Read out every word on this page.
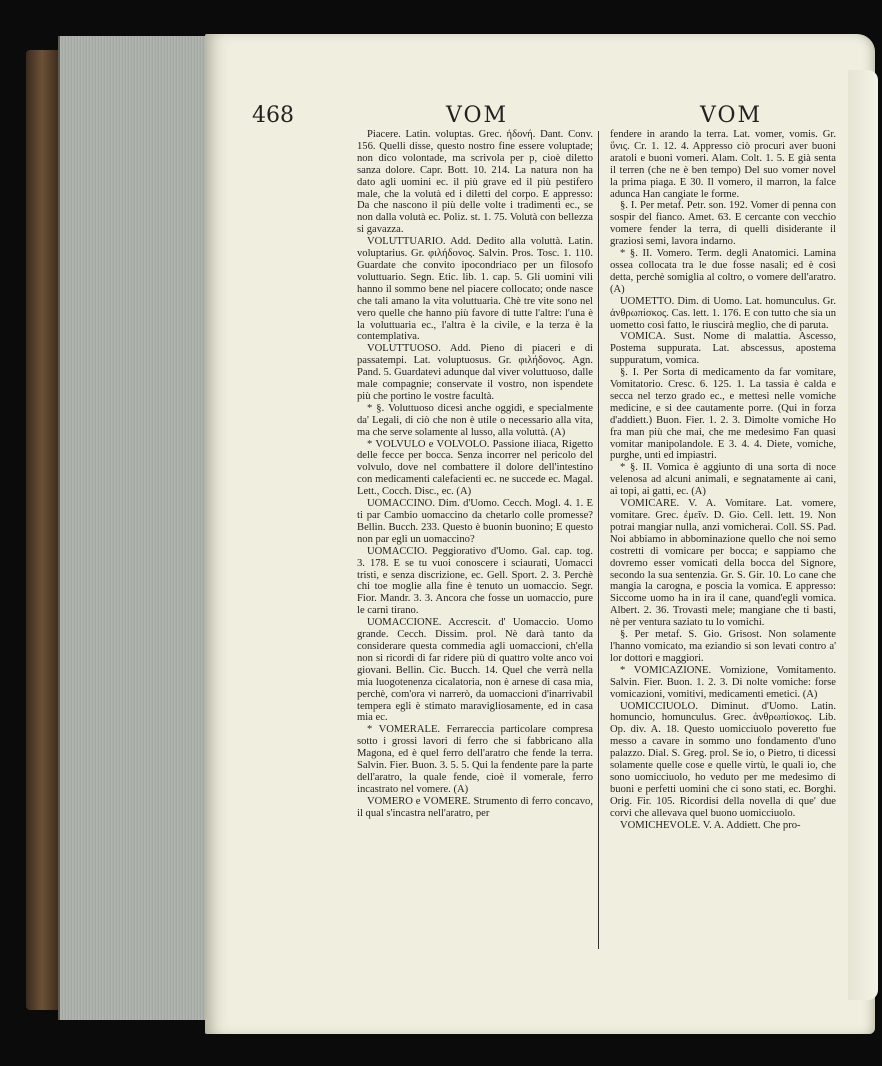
468	VOM	VOM

Piacere. Latin. voluptas. Grec. ἡδονή. Dant. Conv. 156. Quelli disse, questo nostro fine essere voluptade; non dico volontade, ma scrivola per p, cioè diletto sanza dolore. Capr. Bott. 10. 214. La natura non ha dato agli uomini ec. il più grave ed il più pestifero male, che la volutà ed i diletti del corpo. E appresso: Da che nascono il più delle volte i tradimenti ec., se non dalla volutà ec. Poliz. st. 1. 75. Volutà con bellezza si gavazza.

VOLUTTUARIO. Add. Dedito alla voluttà. Latin. voluptarius. Gr. φιλήδονος. Salvin. Pros. Tosc. 1. 110. Guardate che convito ipocondriaco per un filosofo voluttuario. Segn. Etic. lib. 1. cap. 5. Gli uomini vili hanno il sommo bene nel piacere collocato; onde nasce che tali amano la vita voluttuaria. Chè tre vite sono nel vero quelle che hanno più favore di tutte l'altre: l'una è la voluttuaria ec., l'altra è la civile, e la terza è la contemplativa.

VOLUTTUOSO. Add. Pieno di piaceri e di passatempi. Lat. voluptuosus. Gr. φιλήδονος. Agn. Pand. 5. Guardatevi adunque dal viver voluttuoso, dalle male compagnie; conservate il vostro, non ispendete più che portino le vostre facultà.

* §. Voluttuoso dicesi anche oggidì, e specialmente da' Legali, di ciò che non è utile o necessario alla vita, ma che serve solamente al lusso, alla voluttà. (A)

* VOLVULO e VOLVOLO. Passione iliaca, Rigetto delle fecce per bocca. Senza incorrer nel pericolo del volvulo, dove nel combattere il dolore dell'intestino con medicamenti calefacienti ec. ne succede ec. Magal. Lett., Cocch. Disc., ec. (A)

UOMACCINO. Dim. d'Uomo. Cecch. Mogl. 4. 1. E ti par Cambio uomaccino da chetarlo colle promesse? Bellin. Bucch. 233. Questo è buonin buonino; E questo non par egli un uomaccino?

UOMACCIO. Peggiorativo d'Uomo. Gal. cap. tog. 3. 178. E se tu vuoi conoscere i sciaurati, Uomacci tristi, e senza discrizione, ec. Gell. Sport. 2. 3. Perchè chi toe moglie alla fine è tenuto un uomaccio. Segr. Fior. Mandr. 3. 3. Ancora che fosse un uomaccio, pure le carni tirano.

UOMACCIONE. Accrescit. d' Uomaccio. Uomo grande. Cecch. Dissim. prol. Nè darà tanto da considerare questa commedia agli uomaccioni, ch'ella non si ricordi di far ridere più di quattro volte anco voi giovani. Bellin. Cic. Bucch. 14. Quel che verrà nella mia luogotenenza cicalatoria, non è arnese di casa mia, perchè, com'ora vi narrerò, da uomaccioni d'inarrivabil tempera egli è stimato maravigliosamente, ed in casa mia ec.

* VOMERALE. Ferrareccia particolare compresa sotto i grossi lavori di ferro che si fabbricano alla Magona, ed è quel ferro dell'aratro che fende la terra. Salvin. Fier. Buon. 3. 5. 5. Qui la fendente pare la parte dell'aratro, la quale fende, cioè il vomerale, ferro incastrato nel vomere. (A)

VOMERO e VOMERE. Strumento di ferro concavo, il qual s'incastra nell'aratro, per

fendere in arando la terra. Lat. vomer, vomis. Gr. ὕνις. Cr. 1. 12. 4. Appresso ciò procuri aver buoni aratoli e buoni vomeri. Alam. Colt. 1. 5. E già senta il terren (che ne è ben tempo) Del suo vomer novel la prima piaga. E 30. Il vomero, il marron, la falce adunca Han cangiate le forme.

§. I. Per metaf. Petr. son. 192. Vomer di penna con sospir del fianco. Amet. 63. E cercante con vecchio vomere fender la terra, di quelli disiderante il graziosi semi, lavora indarno.

* §. II. Vomero. Term. degli Anatomici. Lamina ossea collocata tra le due fosse nasali; ed è così detta, perchè somiglia al coltro, o vomere dell'aratro. (A)

UOMETTO. Dim. di Uomo. Lat. homunculus. Gr. ἀνθρωπίσκος. Cas. lett. 1. 176. E con tutto che sia un uometto così fatto, le riuscirà meglio, che di paruta.

VOMICA. Sust. Nome di malattia. Ascesso, Postema suppurata. Lat. abscessus, apostema suppuratum, vomica.

§. I. Per Sorta di medicamento da far vomitare, Vomitatorio. Cresc. 6. 125. 1. La tassia è calda e secca nel terzo grado ec., e mettesi nelle vomiche medicine, e si dee cautamente porre. (Qui in forza d'addiett.) Buon. Fier. 1. 2. 3. Dimolte vomiche Ho fra man più che mai, che me medesimo Fan quasi vomitar manipolandole. E 3. 4. 4. Diete, vomiche, purghe, unti ed impiastri.

* §. II. Vomica è aggiunto di una sorta di noce velenosa ad alcuni animali, e segnatamente ai cani, ai topi, ai gatti, ec. (A)

VOMICARE. V. A. Vomitare. Lat. vomere, vomitare. Grec. ἐμεῖν. D. Gio. Cell. lett. 19. Non potrai mangiar nulla, anzi vomicherai. Coll. SS. Pad. Noi abbiamo in abbominazione quello che noi semo costretti di vomicare per bocca; e sappiamo che dovremo esser vomicati della bocca del Signore, secondo la sua sentenzia. Gr. S. Gir. 10. Lo cane che mangia la carogna, e poscia la vomica. E appresso: Siccome uomo ha in ira il cane, quand'egli vomica. Albert. 2. 36. Trovasti mele; mangiane che ti basti, nè per ventura saziato tu lo vomichi.

§. Per metaf. S. Gio. Grisost. Non solamente l'hanno vomicato, ma eziandio si son levati contro a' lor dottori e maggiori.

* VOMICAZIONE. Vomizione, Vomitamento. Salvin. Fier. Buon. 1. 2. 3. Di nolte vomiche: forse vomicazioni, vomitivi, medicamenti emetici. (A)

UOMICCIUOLO. Diminut. d'Uomo. Latin. homuncio, homunculus. Grec. ἀνθρωπίσκος. Lib. Op. div. A. 18. Questo uomicciuolo poveretto fue messo a cavare in sommo uno fondamento d'uno palazzo. Dial. S. Greg. prol. Se io, o Pietro, ti dicessi solamente quelle cose e quelle virtù, le quali io, che sono uomicciuolo, ho veduto per me medesimo di buoni e perfetti uomini che ci sono stati, ec. Borghi. Orig. Fir. 105. Ricordisi della novella di que' due corvi che allevava quel buono uomicciuolo.

VOMICHEVOLE. V. A. Addiett. Che pro-
